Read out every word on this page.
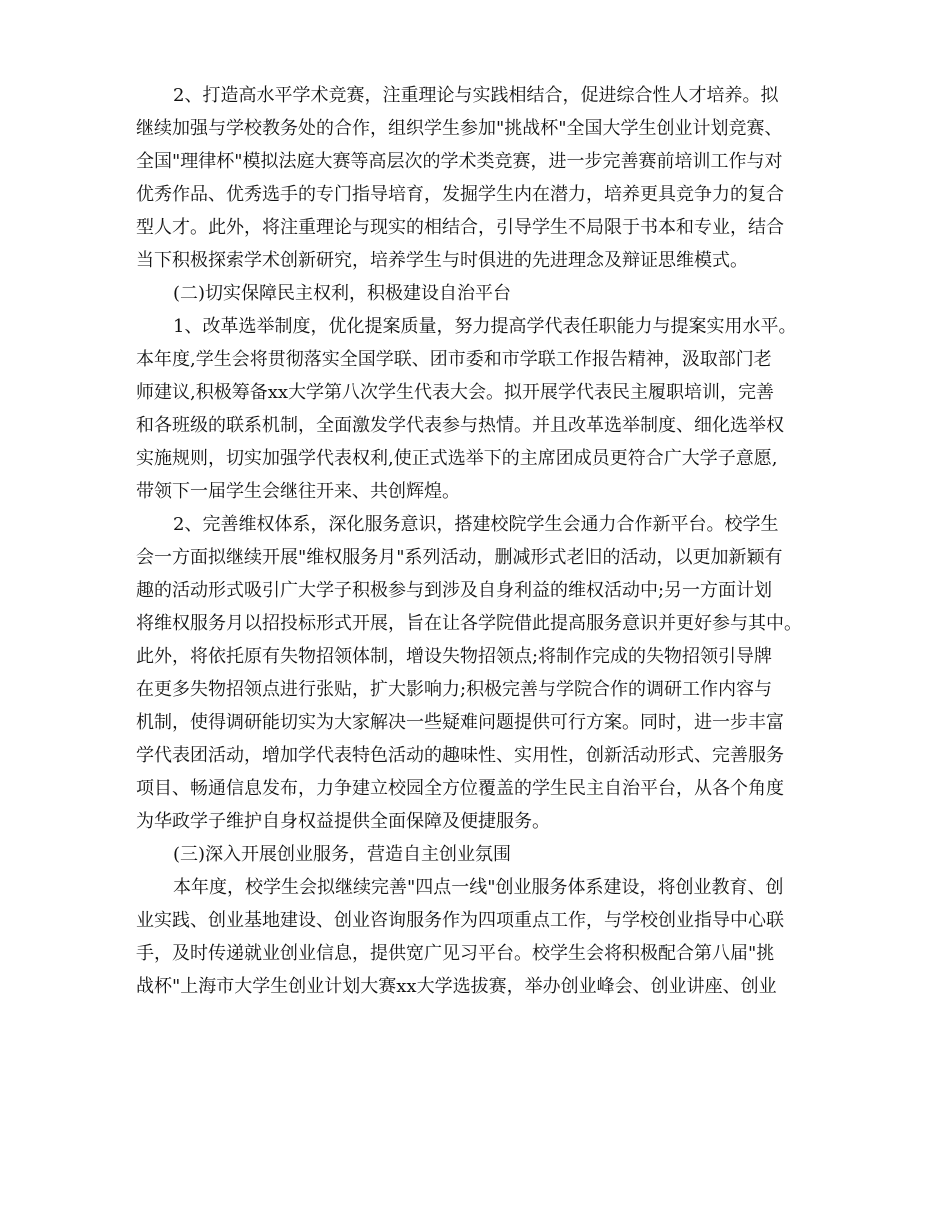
2、打造高水平学术竞赛，注重理论与实践相结合，促进综合性人才培养。拟
继续加强与学校教务处的合作，组织学生参加"挑战杯"全国大学生创业计划竞赛、
全国"理律杯"模拟法庭大赛等高层次的学术类竞赛，进一步完善赛前培训工作与对
优秀作品、优秀选手的专门指导培育，发掘学生内在潜力，培养更具竞争力的复合
型人才。此外，将注重理论与现实的相结合，引导学生不局限于书本和专业，结合
当下积极探索学术创新研究，培养学生与时俱进的先进理念及辩证思维模式。
(二)切实保障民主权利，积极建设自治平台
1、改革选举制度，优化提案质量，努力提高学代表任职能力与提案实用水平。
本年度,学生会将贯彻落实全国学联、团市委和市学联工作报告精神，汲取部门老
师建议,积极筹备xx大学第八次学生代表大会。拟开展学代表民主履职培训，完善
和各班级的联系机制，全面激发学代表参与热情。并且改革选举制度、细化选举权
实施规则，切实加强学代表权利,使正式选举下的主席团成员更符合广大学子意愿,
带领下一届学生会继往开来、共创辉煌。
2、完善维权体系，深化服务意识，搭建校院学生会通力合作新平台。校学生
会一方面拟继续开展"维权服务月"系列活动，删减形式老旧的活动，以更加新颖有
趣的活动形式吸引广大学子积极参与到涉及自身利益的维权活动中;另一方面计划
将维权服务月以招投标形式开展，旨在让各学院借此提高服务意识并更好参与其中。
此外，将依托原有失物招领体制，增设失物招领点;将制作完成的失物招领引导牌
在更多失物招领点进行张贴，扩大影响力;积极完善与学院合作的调研工作内容与
机制，使得调研能切实为大家解决一些疑难问题提供可行方案。同时，进一步丰富
学代表团活动，增加学代表特色活动的趣味性、实用性，创新活动形式、完善服务
项目、畅通信息发布，力争建立校园全方位覆盖的学生民主自治平台，从各个角度
为华政学子维护自身权益提供全面保障及便捷服务。
(三)深入开展创业服务，营造自主创业氛围
本年度，校学生会拟继续完善"四点一线"创业服务体系建设，将创业教育、创
业实践、创业基地建设、创业咨询服务作为四项重点工作，与学校创业指导中心联
手，及时传递就业创业信息，提供宽广见习平台。校学生会将积极配合第八届"挑
战杯"上海市大学生创业计划大赛xx大学选拔赛，举办创业峰会、创业讲座、创业
